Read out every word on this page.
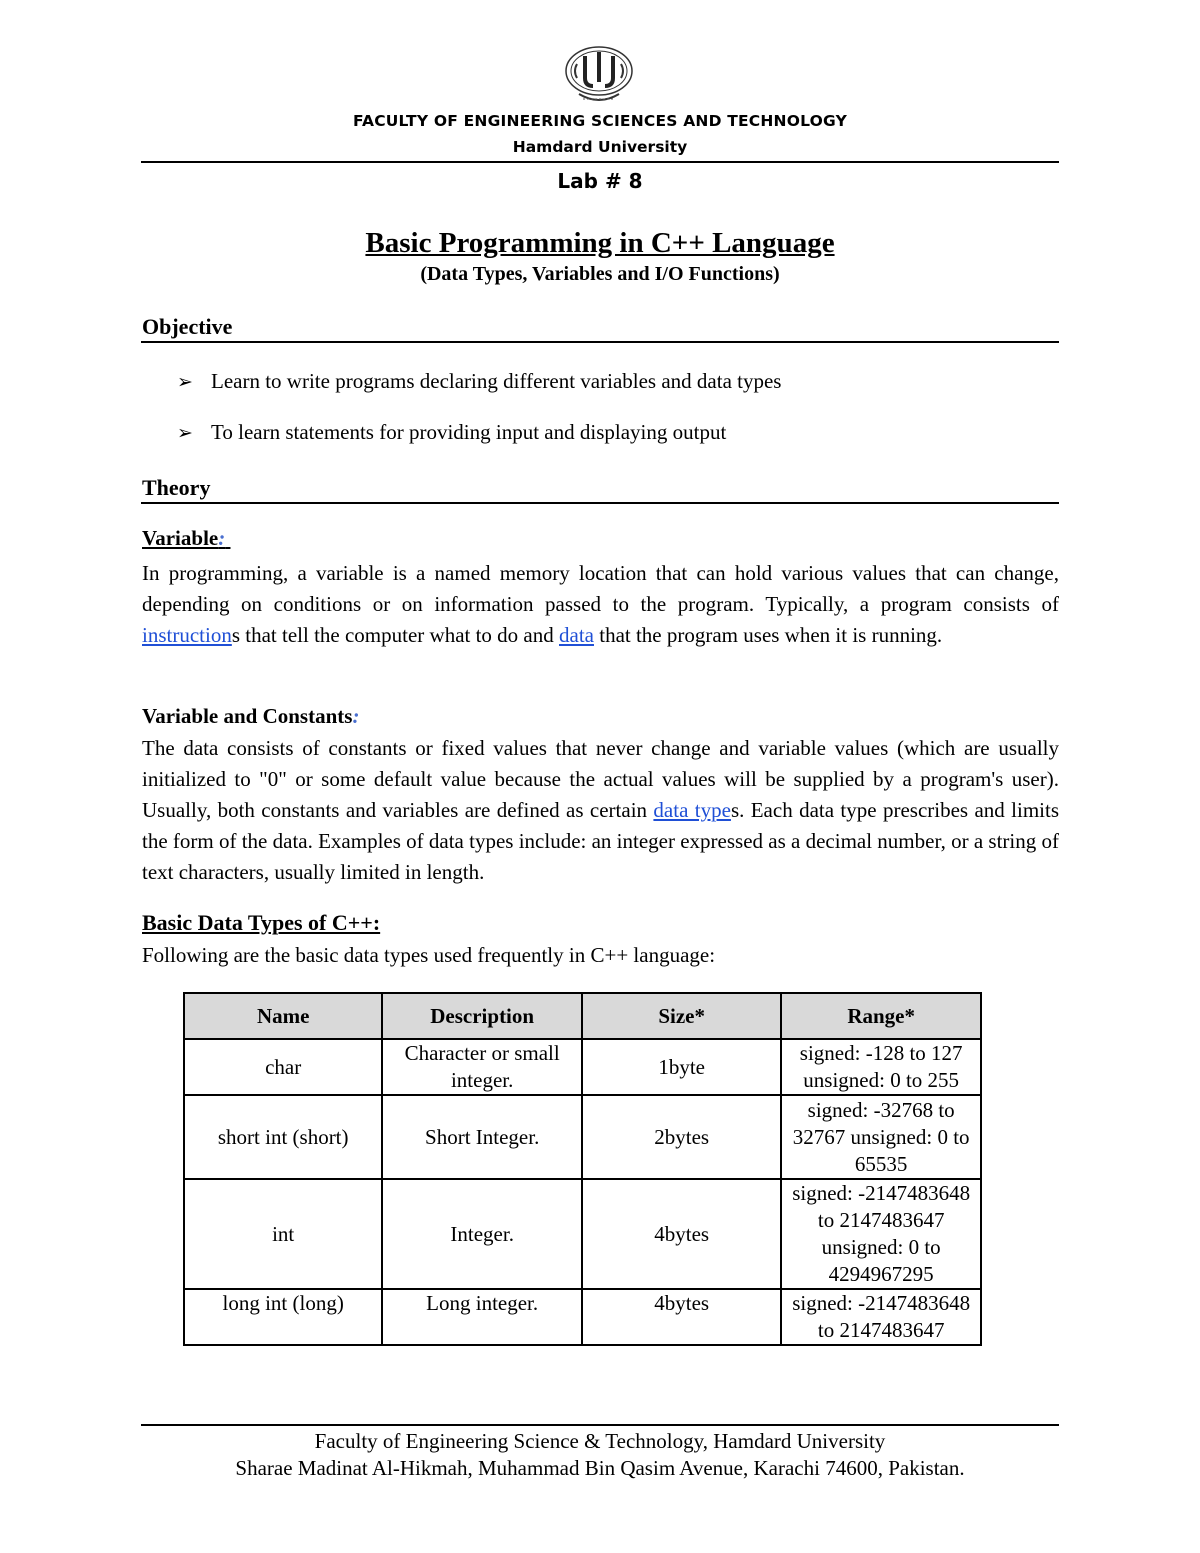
FACULTY OF ENGINEERING SCIENCES AND TECHNOLOGY
Hamdard University
Lab # 8
Basic Programming in C++ Language
(Data Types, Variables and I/O Functions)
Objective
➢ Learn to write programs declaring different variables and data types
➢ To learn statements for providing input and displaying output
Theory
Variable:

In programming, a variable is a named memory location that can hold various values that can change, depending on conditions or on information passed to the program. Typically, a program consists of instructions that tell the computer what to do and data that the program uses when it is running.

Variable and Constants:

The data consists of constants or fixed values that never change and variable values (which are usually initialized to "0" or some default value because the actual values will be supplied by a program's user). Usually, both constants and variables are defined as certain data types. Each data type prescribes and limits the form of the data. Examples of data types include: an integer expressed as a decimal number, or a string of text characters, usually limited in length.

Basic Data Types of C++:
Following are the basic data types used frequently in C++ language:
Name	Description	Size*	Range*
char	Character or small integer.	1byte	signed: -128 to 127 unsigned: 0 to 255
short int (short)	Short Integer.	2bytes	signed: -32768 to 32767 unsigned: 0 to 65535
int	Integer.	4bytes	signed: -2147483648 to 2147483647 unsigned: 0 to 4294967295
long int (long)	Long integer.	4bytes	signed: -2147483648 to 2147483647
Faculty of Engineering Science & Technology, Hamdard University
Sharae Madinat Al-Hikmah, Muhammad Bin Qasim Avenue, Karachi 74600, Pakistan.
